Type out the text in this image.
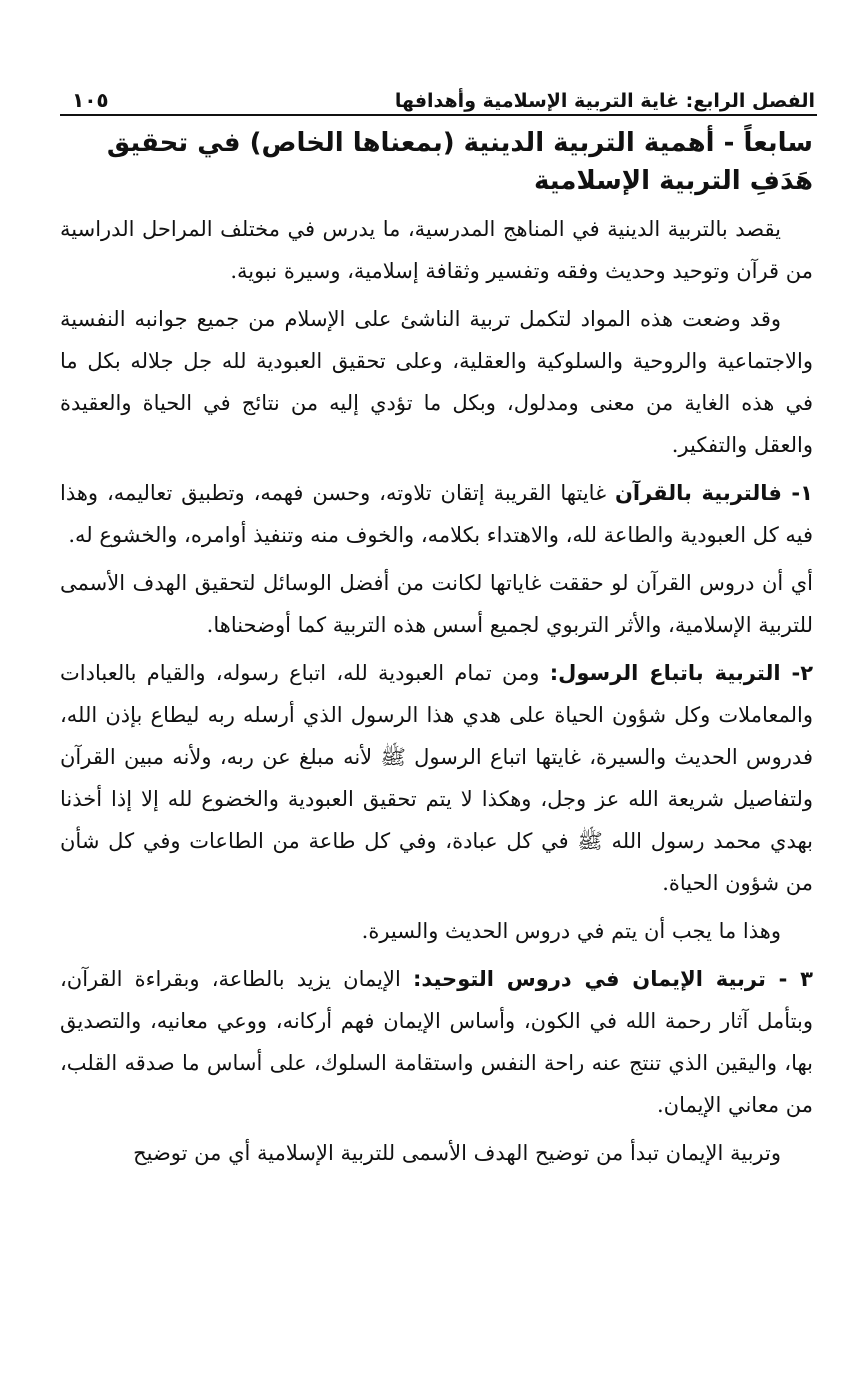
الفصل الرابع: غاية التربية الإسلامية وأهدافها
١٠٥
سابعاً - أهمية التربية الدينية (بمعناها الخاص) في تحقيق هَدَفِ التربية الإسلامية

يقصد بالتربية الدينية في المناهج المدرسية، ما يدرس في مختلف المراحل الدراسية من قرآن وتوحيد وحديث وفقه وتفسير وثقافة إسلامية، وسيرة نبوية.

وقد وضعت هذه المواد لتكمل تربية الناشئ على الإسلام من جميع جوانبه النفسية والاجتماعية والروحية والسلوكية والعقلية، وعلى تحقيق العبودية لله جل جلاله بكل ما في هذه الغاية من معنى ومدلول، وبكل ما تؤدي إليه من نتائج في الحياة والعقيدة والعقل والتفكير.

١- فالتربية بالقرآن غايتها القريبة إتقان تلاوته، وحسن فهمه، وتطبيق تعاليمه، وهذا فيه كل العبودية والطاعة لله، والاهتداء بكلامه، والخوف منه وتنفيذ أوامره، والخشوع له.

أي أن دروس القرآن لو حققت غاياتها لكانت من أفضل الوسائل لتحقيق الهدف الأسمى للتربية الإسلامية، والأثر التربوي لجميع أسس هذه التربية كما أوضحناها.

٢- التربية باتباع الرسول: ومن تمام العبودية لله، اتباع رسوله، والقيام بالعبادات والمعاملات وكل شؤون الحياة على هدي هذا الرسول الذي أرسله ربه ليطاع بإذن الله، فدروس الحديث والسيرة، غايتها اتباع الرسول ﷺ لأنه مبلغ عن ربه، ولأنه مبين القرآن ولتفاصيل شريعة الله عز وجل، وهكذا لا يتم تحقيق العبودية والخضوع لله إلا إذا أخذنا بهدي محمد رسول الله ﷺ في كل عبادة، وفي كل طاعة من الطاعات وفي كل شأن من شؤون الحياة.

وهذا ما يجب أن يتم في دروس الحديث والسيرة.

٣ - تربية الإيمان في دروس التوحيد: الإيمان يزيد بالطاعة، وبقراءة القرآن، وبتأمل آثار رحمة الله في الكون، وأساس الإيمان فهم أركانه، ووعي معانيه، والتصديق بها، واليقين الذي تنتج عنه راحة النفس واستقامة السلوك، على أساس ما صدقه القلب، من معاني الإيمان.

وتربية الإيمان تبدأ من توضيح الهدف الأسمى للتربية الإسلامية أي من توضيح
